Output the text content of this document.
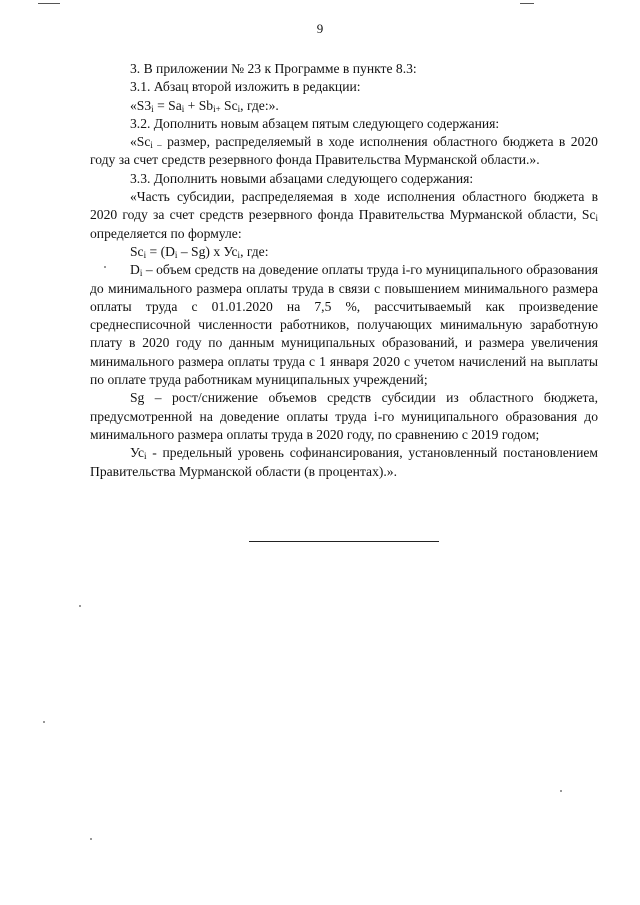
9

3. В приложении № 23 к Программе в пункте 8.3:

3.1. Абзац второй изложить в редакции:

«$S3_i = Sa_i + Sb_{i+}$ $Sc_i$, где:».

3.2. Дополнить новым абзацем пятым следующего содержания:

«$Sc_{i -}$ размер, распределяемый в ходе исполнения областного бюджета в 2020 году за счет средств резервного фонда Правительства Мурманской области.».

3.3. Дополнить новыми абзацами следующего содержания:

«Часть субсидии, распределяемая в ходе исполнения областного бюджета в 2020 году за счет средств резервного фонда Правительства Мурманской области, $Sc_i$ определяется по формуле:

$Sc_i = (D_i - Sg)$ х $Ус_i$, где:

$D_i$ – объем средств на доведение оплаты труда i-го муниципального образования до минимального размера оплаты труда в связи с повышением минимального размера оплаты труда с 01.01.2020 на 7,5 %, рассчитываемый как произведение среднесписочной численности работников, получающих минимальную заработную плату в 2020 году по данным муниципальных образований, и размера увеличения минимального размера оплаты труда с 1 января 2020 с учетом начислений на выплаты по оплате труда работникам муниципальных учреждений;

Sg – рост/снижение объемов средств субсидии из областного бюджета, предусмотренной на доведение оплаты труда i-го муниципального образования до минимального размера оплаты труда в 2020 году, по сравнению с 2019 годом;

$Ус_i$ - предельный уровень софинансирования, установленный постановлением Правительства Мурманской области (в процентах).».
